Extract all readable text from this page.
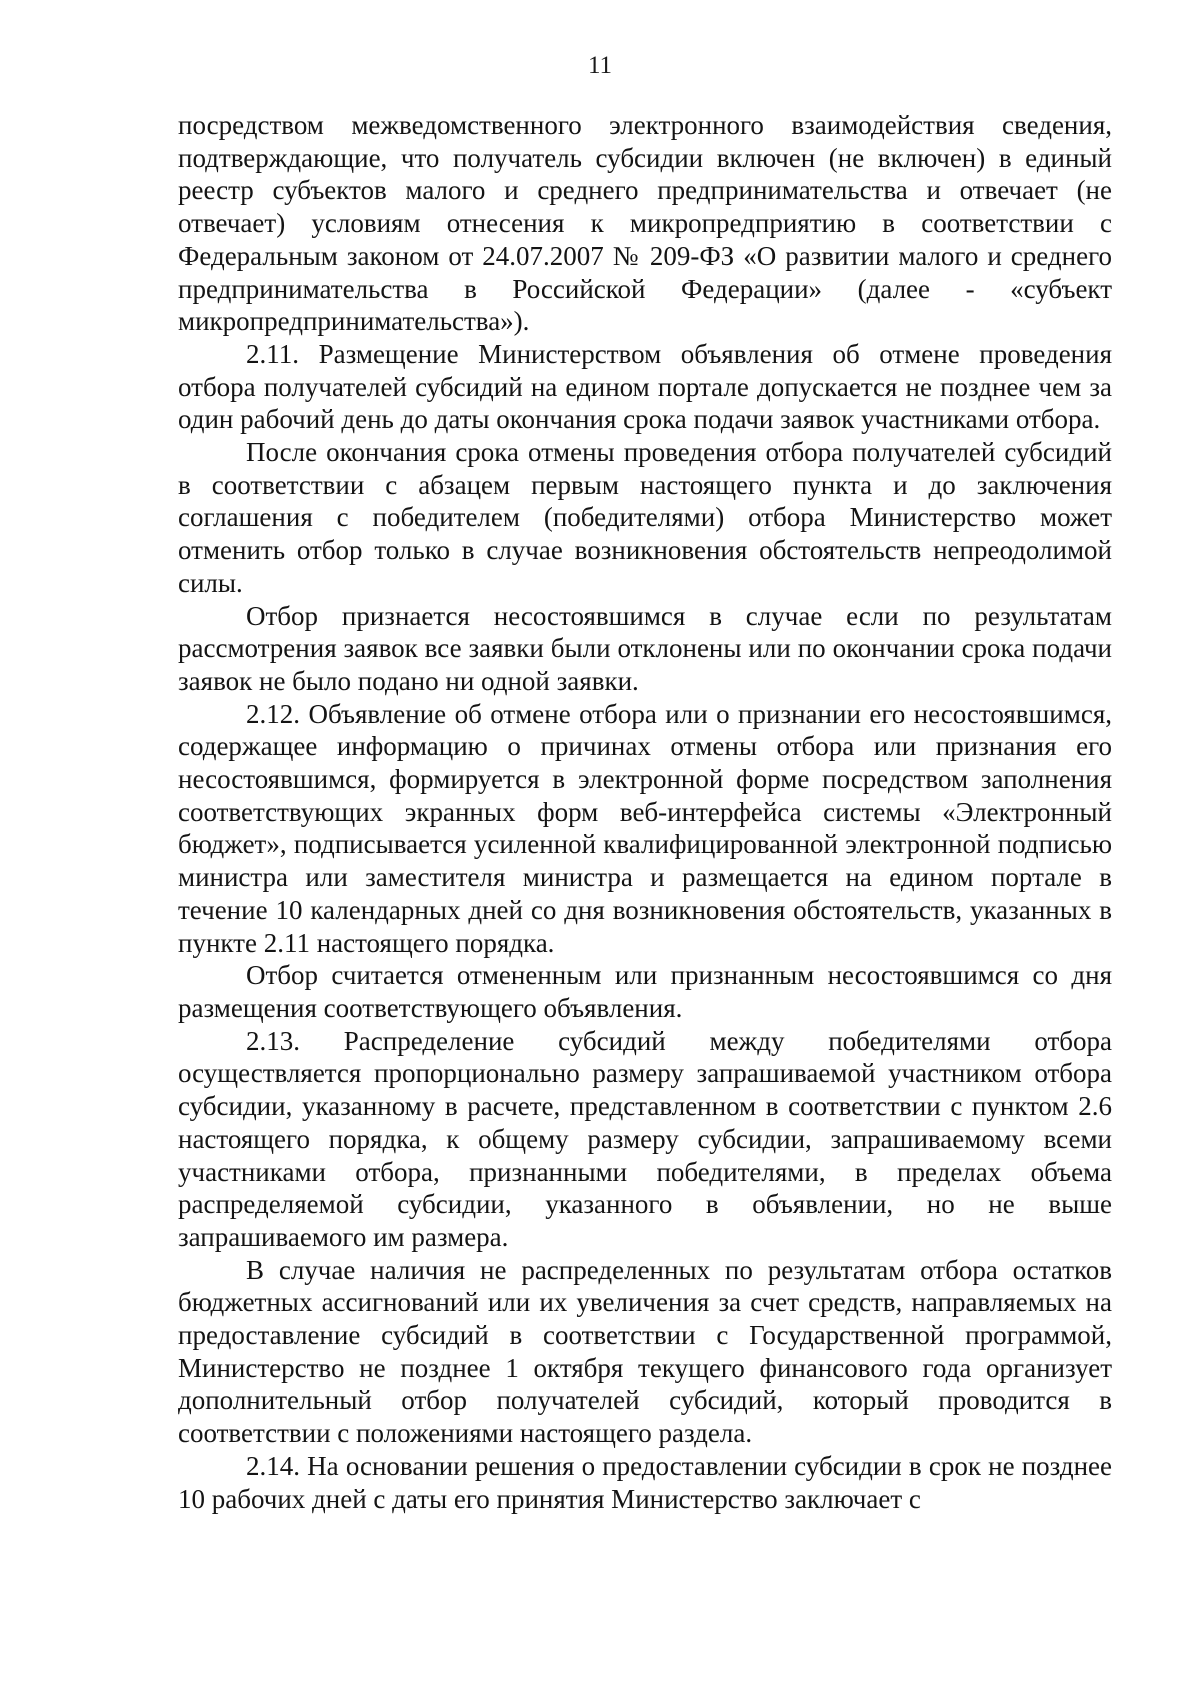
11

посредством межведомственного электронного взаимодействия сведения, подтверждающие, что получатель субсидии включен (не включен) в единый реестр субъектов малого и среднего предпринимательства и отвечает (не отвечает) условиям отнесения к микропредприятию в соответствии с Федеральным законом от 24.07.2007 № 209-ФЗ «О развитии малого и среднего предпринимательства в Российской Федерации» (далее - «субъект микропредпринимательства»).

2.11. Размещение Министерством объявления об отмене проведения отбора получателей субсидий на едином портале допускается не позднее чем за один рабочий день до даты окончания срока подачи заявок участниками отбора.

После окончания срока отмены проведения отбора получателей субсидий в соответствии с абзацем первым настоящего пункта и до заключения соглашения с победителем (победителями) отбора Министерство может отменить отбор только в случае возникновения обстоятельств непреодолимой силы.

Отбор признается несостоявшимся в случае если по результатам рассмотрения заявок все заявки были отклонены или по окончании срока подачи заявок не было подано ни одной заявки.

2.12. Объявление об отмене отбора или о признании его несостоявшимся, содержащее информацию о причинах отмены отбора или признания его несостоявшимся, формируется в электронной форме посредством заполнения соответствующих экранных форм веб-интерфейса системы «Электронный бюджет», подписывается усиленной квалифицированной электронной подписью министра или заместителя министра и размещается на едином портале в течение 10 календарных дней со дня возникновения обстоятельств, указанных в пункте 2.11 настоящего порядка.

Отбор считается отмененным или признанным несостоявшимся со дня размещения соответствующего объявления.

2.13. Распределение субсидий между победителями отбора осуществляется пропорционально размеру запрашиваемой участником отбора субсидии, указанному в расчете, представленном в соответствии с пунктом 2.6 настоящего порядка, к общему размеру субсидии, запрашиваемому всеми участниками отбора, признанными победителями, в пределах объема распределяемой субсидии, указанного в объявлении, но не выше запрашиваемого им размера.

В случае наличия не распределенных по результатам отбора остатков бюджетных ассигнований или их увеличения за счет средств, направляемых на предоставление субсидий в соответствии с Государственной программой, Министерство не позднее 1 октября текущего финансового года организует дополнительный отбор получателей субсидий, который проводится в соответствии с положениями настоящего раздела.

2.14. На основании решения о предоставлении субсидии в срок не позднее 10 рабочих дней с даты его принятия Министерство заключает с
